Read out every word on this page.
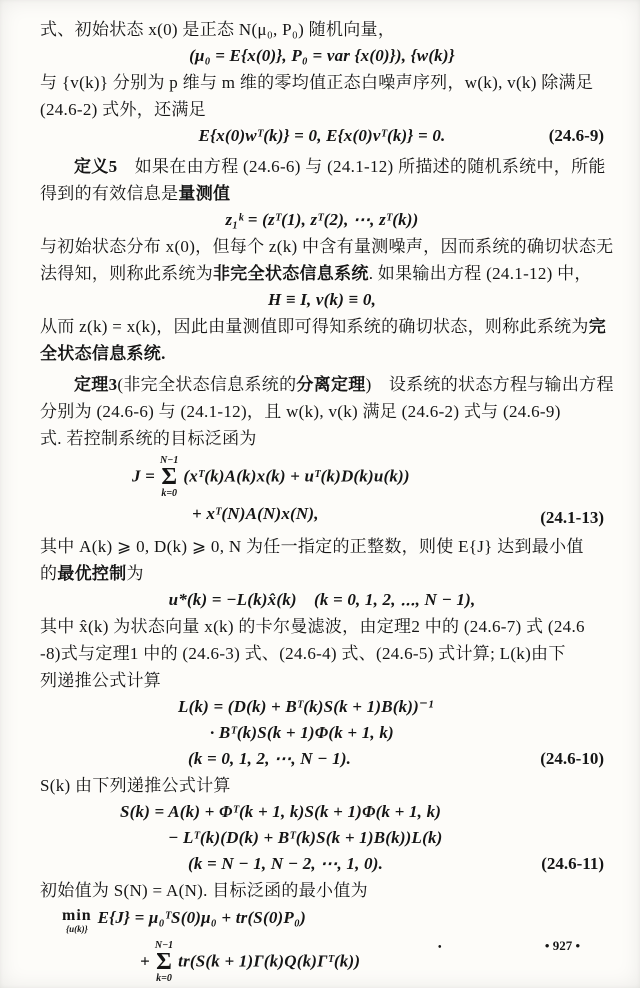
式、初始状态 x(0) 是正态 N(μ₀, P₀) 随机向量，
(μ₀ = E{x(0)}, P₀ = var {x(0)}), {w(k)}
与 {v(k)} 分别为 p 维与 m 维的零均值正态白噪声序列，w(k), v(k) 除满足
(24.6-2) 式外，还满足
E{x(0)wᵀ(k)} = 0, E{x(0)vᵀ(k)} = 0.	(24.6-9)
定义5　如果在由方程 (24.6-6) 与 (24.1-12) 所描述的随机系统中，所能
得到的有效信息是量测值
z₁ᵏ = (zᵀ(1), zᵀ(2), ⋯, zᵀ(k))
与初始状态分布 x(0)，但每个 z(k) 中含有量测噪声，因而系统的确切状态无
法得知，则称此系统为非完全状态信息系统. 如果输出方程 (24.1-12) 中，
H ≡ I, v(k) ≡ 0,
从而 z(k) = x(k)，因此由量测值即可得知系统的确切状态，则称此系统为完
全状态信息系统.
定理3(非完全状态信息系统的分离定理)　设系统的状态方程与输出方程
分别为 (24.6-6) 与 (24.1-12)，且 w(k), v(k) 满足 (24.6-2) 式与 (24.6-9)
式. 若控制系统的目标泛函为
J =
N−1
Σ
k=0
(xᵀ(k)A(k)x(k) + uᵀ(k)D(k)u(k))
+ xᵀ(N)A(N)x(N),	(24.1-13)
其中 A(k) ⩾ 0, D(k) ⩾ 0, N 为任一指定的正整数，则使 E{J} 达到最小值
的最优控制为
u*(k) = −L(k)x̂(k)　(k = 0, 1, 2, ⋯, N − 1),
其中 x̂(k) 为状态向量 x(k) 的卡尔曼滤波，由定理2 中的 (24.6-7) 式 (24.6
-8)式与定理1 中的 (24.6-3) 式、(24.6-4) 式、(24.6-5) 式计算; L(k)由下
列递推公式计算
L(k) = (D(k) + Bᵀ(k)S(k + 1)B(k))⁻¹
· Bᵀ(k)S(k + 1)Φ(k + 1, k)
(k = 0, 1, 2, ⋯, N − 1).	(24.6-10)
S(k) 由下列递推公式计算
S(k) = A(k) + Φᵀ(k + 1, k)S(k + 1)Φ(k + 1, k)
− Lᵀ(k)(D(k) + Bᵀ(k)S(k + 1)B(k))L(k)
(k = N − 1, N − 2, ⋯, 1, 0).	(24.6-11)
初始值为 S(N) = A(N). 目标泛函的最小值为
min
{u(k)}
E{J} = μ₀ᵀS(0)μ₀ + tr(S(0)P₀)
+
N−1
Σ
k=0
tr(S(k + 1)Γ(k)Q(k)Γᵀ(k))
•	• 927 •
